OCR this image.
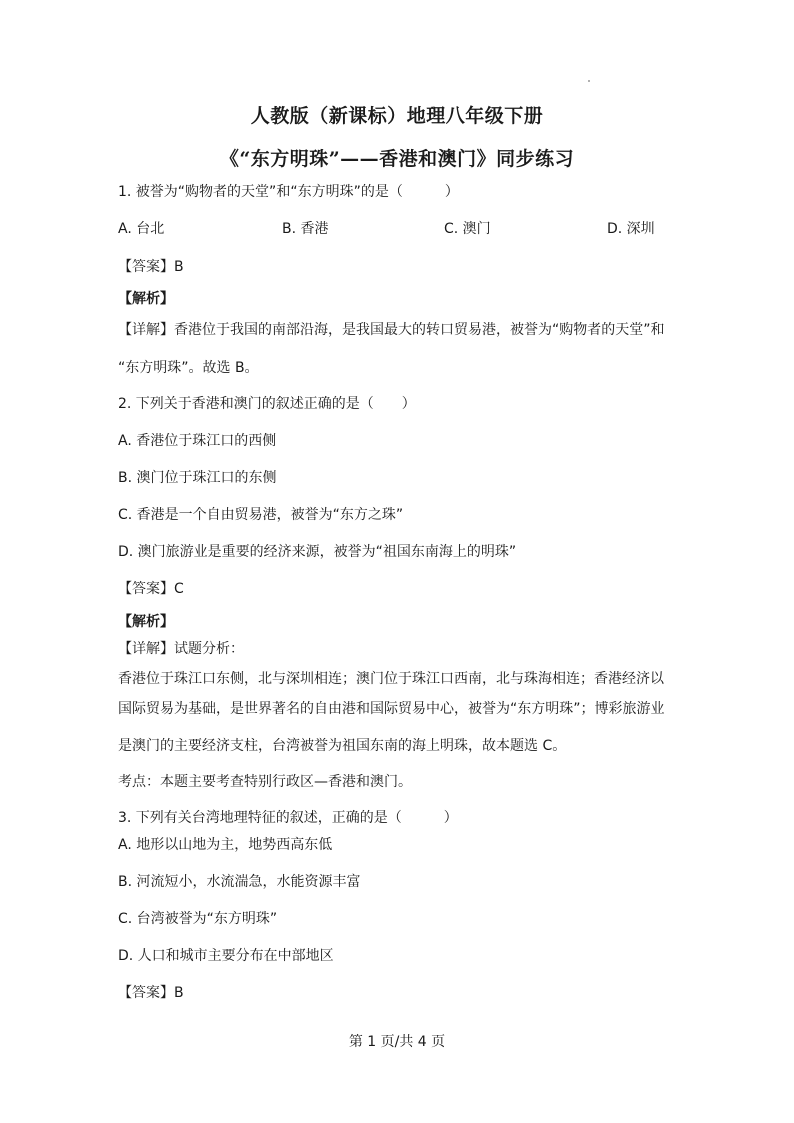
人教版（新课标）地理八年级下册
《“东方明珠”——香港和澳门》同步练习
1. 被誉为“购物者的天堂”和“东方明珠”的是（　　　）
A. 台北	B. 香港	C. 澳门	D. 深圳
【答案】B
【解析】
【详解】香港位于我国的南部沿海，是我国最大的转口贸易港，被誉为“购物者的天堂”和
“东方明珠”。故选 B。
2. 下列关于香港和澳门的叙述正确的是（　　）
A. 香港位于珠江口的西侧
B. 澳门位于珠江口的东侧
C. 香港是一个自由贸易港，被誉为“东方之珠”
D. 澳门旅游业是重要的经济来源，被誉为“祖国东南海上的明珠”
【答案】C
【解析】
【详解】试题分析：
香港位于珠江口东侧，北与深圳相连；澳门位于珠江口西南，北与珠海相连；香港经济以
国际贸易为基础，是世界著名的自由港和国际贸易中心，被誉为“东方明珠”；博彩旅游业
是澳门的主要经济支柱，台湾被誉为祖国东南的海上明珠，故本题选 C。
考点：本题主要考查特别行政区—香港和澳门。
3. 下列有关台湾地理特征的叙述，正确的是（　　　）
A. 地形以山地为主，地势西高东低
B. 河流短小，水流湍急，水能资源丰富
C. 台湾被誉为“东方明珠”
D. 人口和城市主要分布在中部地区
【答案】B
第 1 页/共 4 页
